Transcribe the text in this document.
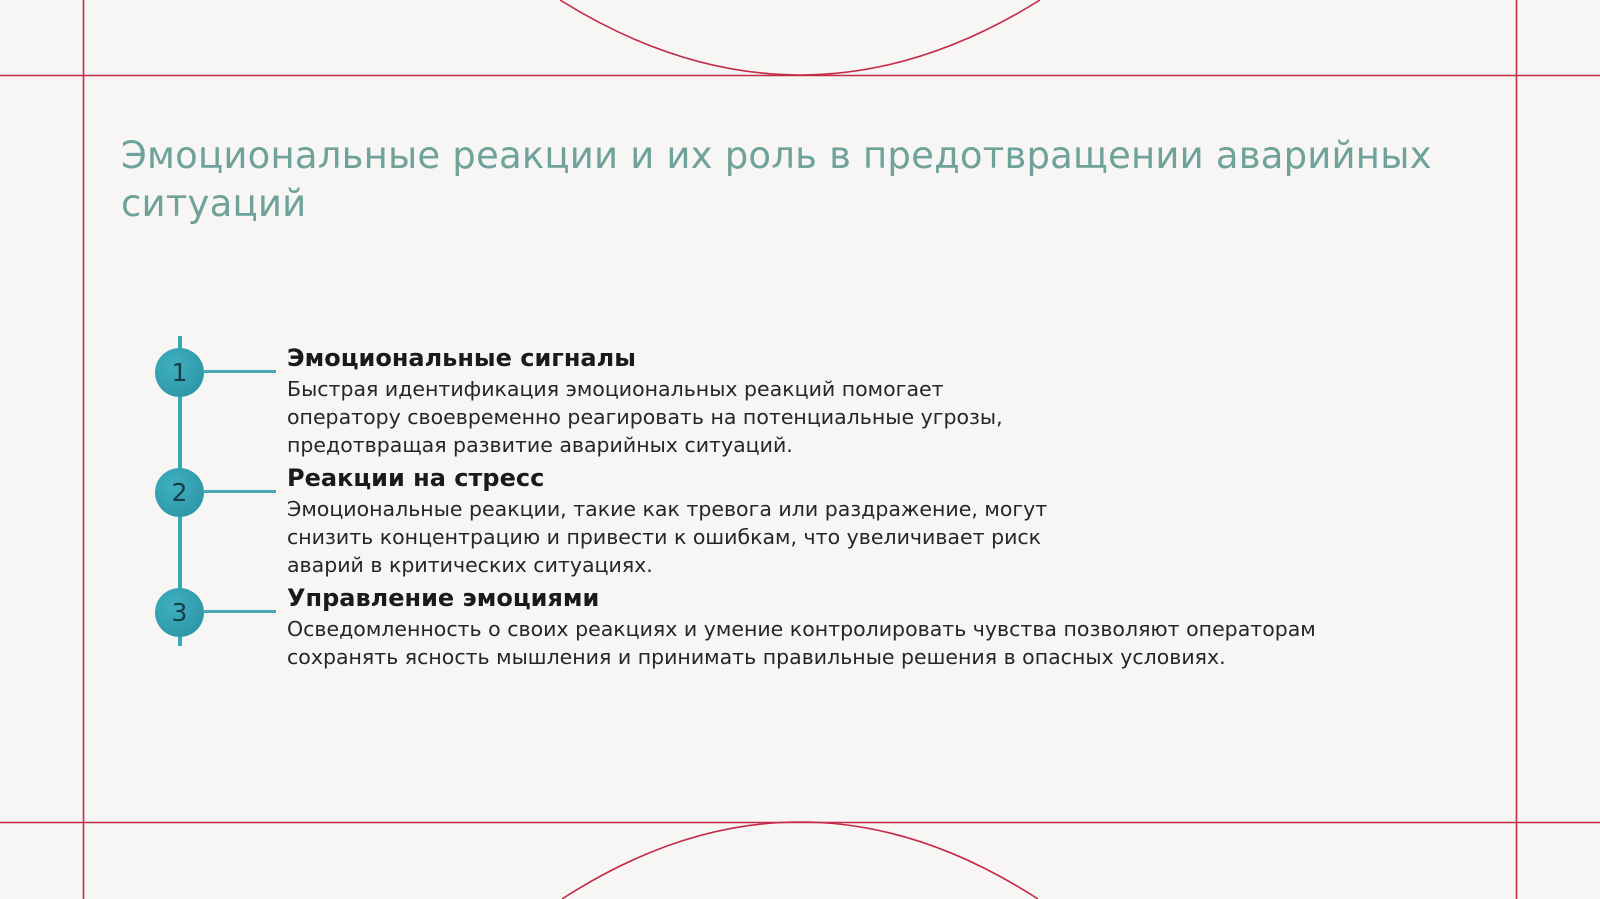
Эмоциональные реакции и их роль в предотвращении аварийных ситуаций
1
2
3
Эмоциональные сигналы

Быстрая идентификация эмоциональных реакций помогает
оператору своевременно реагировать на потенциальные угрозы,
предотвращая развитие аварийных ситуаций.

Реакции на стресс

Эмоциональные реакции, такие как тревога или раздражение, могут
снизить концентрацию и привести к ошибкам, что увеличивает риск
аварий в критических ситуациях.

Управление эмоциями

Осведомленность о своих реакциях и умение контролировать чувства позволяют операторам
сохранять ясность мышления и принимать правильные решения в опасных условиях.
